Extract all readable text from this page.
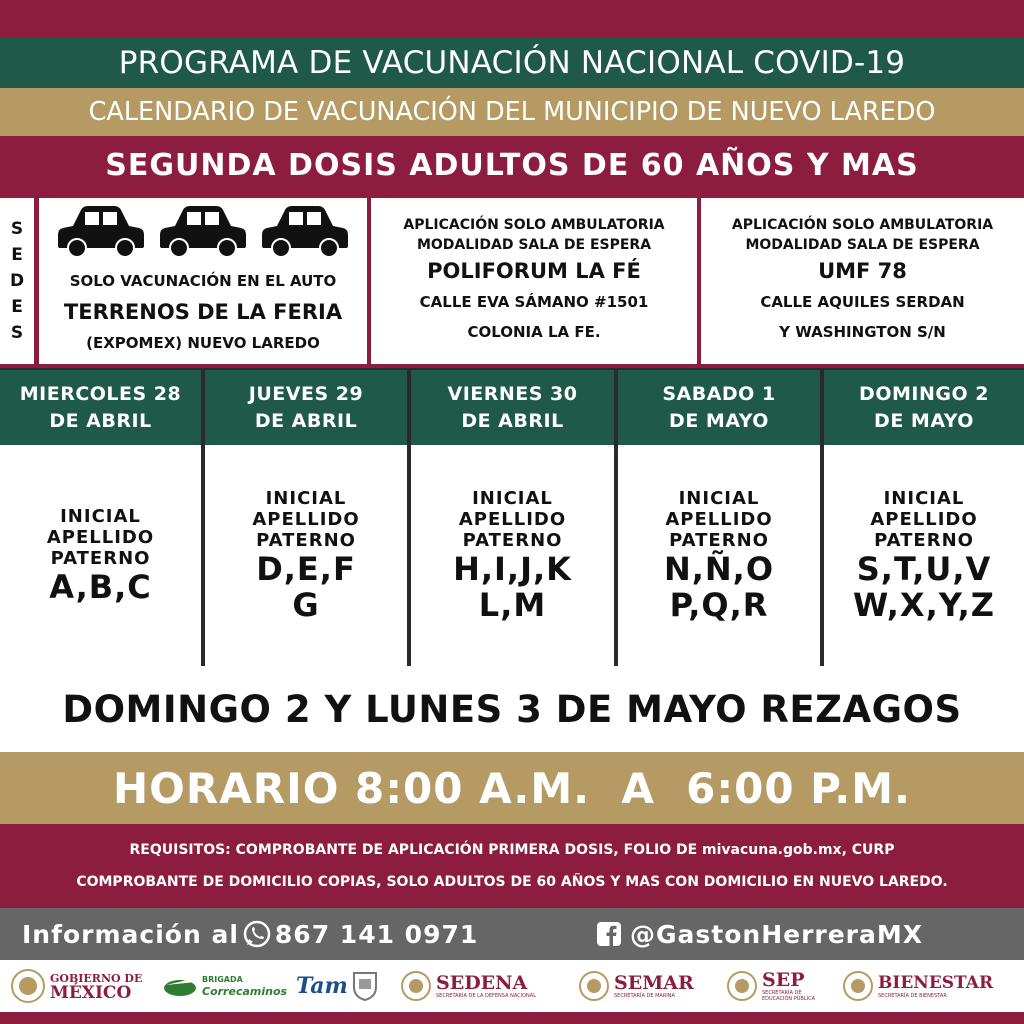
PROGRAMA DE VACUNACIÓN NACIONAL COVID-19
CALENDARIO DE VACUNACIÓN DEL MUNICIPIO DE NUEVO LAREDO
SEGUNDA DOSIS ADULTOS DE 60 AÑOS Y MAS
S
E
D
E
S
SOLO VACUNACIÓN EN EL AUTO
TERRENOS DE LA FERIA
(EXPOMEX) NUEVO LAREDO
APLICACIÓN SOLO AMBULATORIA
MODALIDAD SALA DE ESPERA
POLIFORUM LA FÉ
CALLE EVA SÁMANO #1501
COLONIA LA FE.
APLICACIÓN SOLO AMBULATORIA
MODALIDAD SALA DE ESPERA
UMF 78
CALLE AQUILES SERDAN
Y WASHINGTON S/N
MIERCOLES 28
DE ABRIL
INICIAL
APELLIDO
PATERNO
A,B,C
JUEVES 29
DE ABRIL
INICIAL
APELLIDO
PATERNO
D,E,F
G
VIERNES 30
DE ABRIL
INICIAL
APELLIDO
PATERNO
H,I,J,K
L,M
SABADO 1
DE MAYO
INICIAL
APELLIDO
PATERNO
N,Ñ,O
P,Q,R
DOMINGO 2
DE MAYO
INICIAL
APELLIDO
PATERNO
S,T,U,V
W,X,Y,Z
DOMINGO 2 Y LUNES 3 DE MAYO REZAGOS
HORARIO 8:00 A.M.  A  6:00 P.M.
REQUISITOS: COMPROBANTE DE APLICACIÓN PRIMERA DOSIS, FOLIO DE mivacuna.gob.mx, CURP
COMPROBANTE DE DOMICILIO COPIAS, SOLO ADULTOS DE 60 AÑOS Y MAS CON DOMICILIO EN NUEVO LAREDO.
Información al 867 141 0971	@GastonHerreraMX
GOBIERNO DE
MÉXICO
BRIGADA
Correcaminos Tam	SEDENA
SECRETARÍA DE LA DEFENSA NACIONAL
SEMAR
SECRETARÍA DE MARINA
SEP
SECRETARÍA DE EDUCACIÓN PÚBLICA
BIENESTAR
SECRETARÍA DE BIENESTAR
